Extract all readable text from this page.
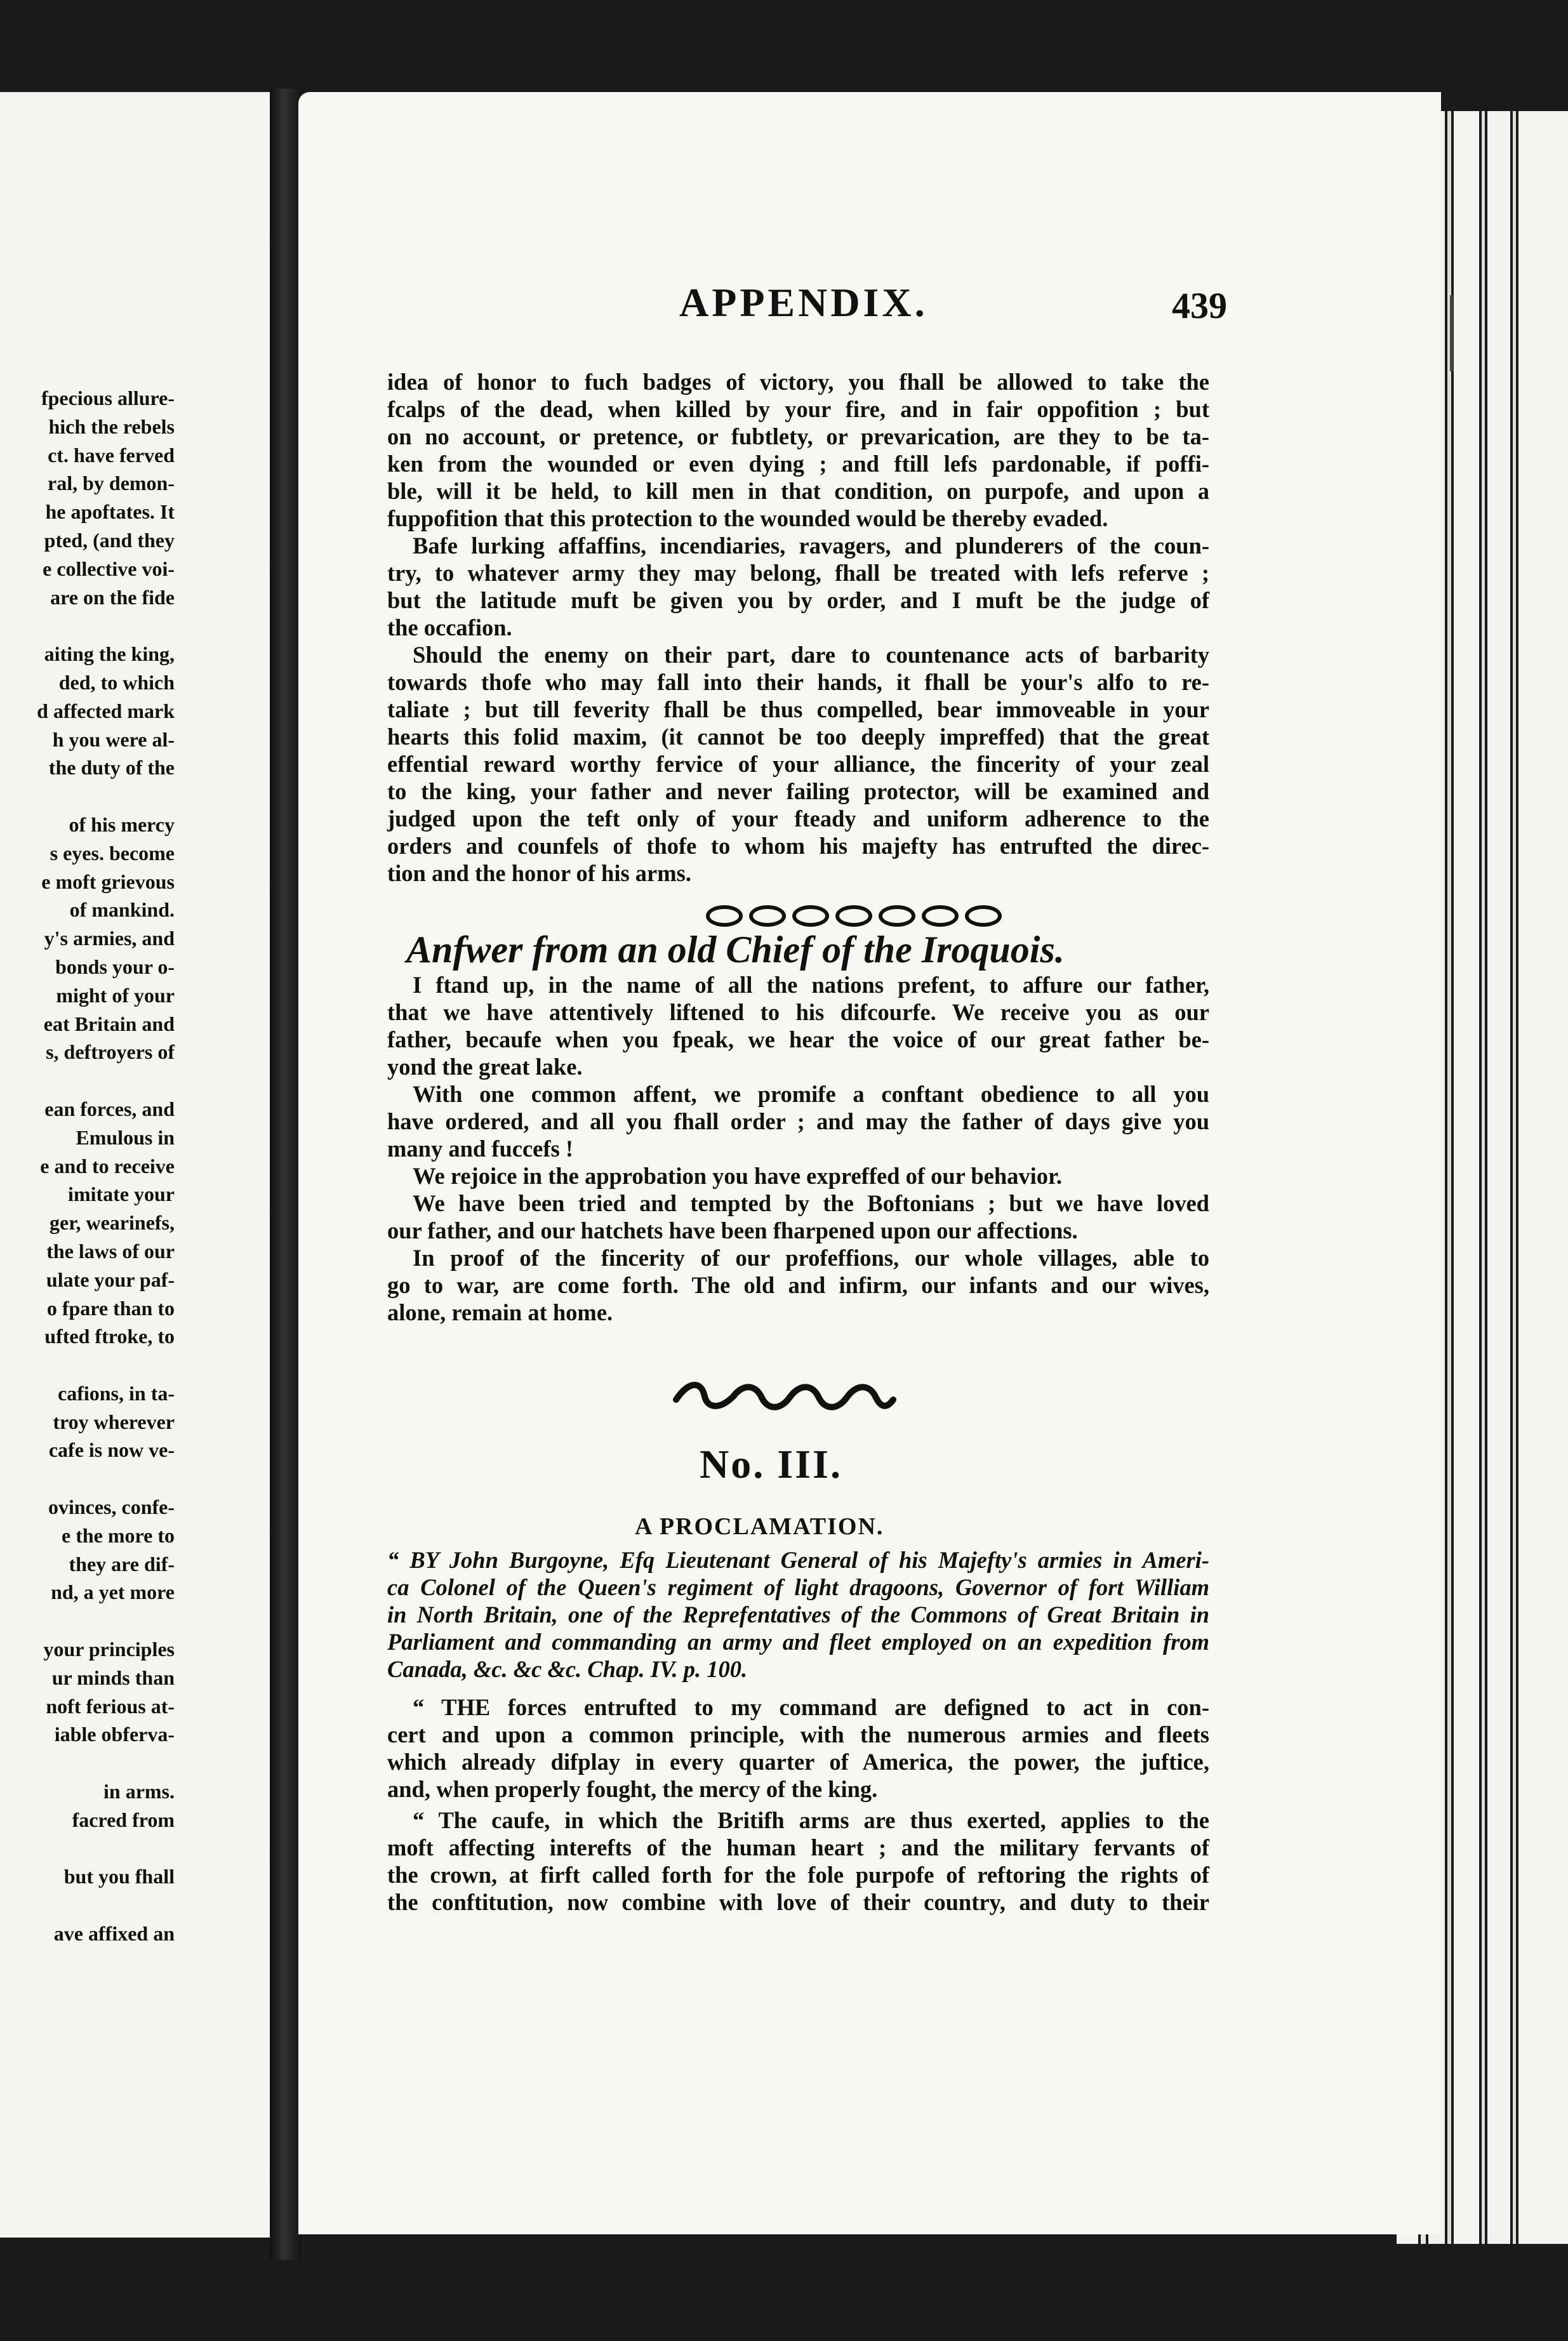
fpecious allure-
hich the rebels
ct. have ferved
ral, by demon-
he apoftates. It
pted, (and they
e collective voi-
are on the fide
aiting the king,
ded, to which
d affected mark
h you were al-
the duty of the
of his mercy
s eyes. become
e moft grievous
of mankind.
y's armies, and
bonds your o-
might of your
eat Britain and
s, deftroyers of
ean forces, and
Emulous in
e and to receive
imitate your
ger, wearinefs,
the laws of our
ulate your paf-
o fpare than to
ufted ftroke, to
cafions, in ta-
troy wherever
cafe is now ve-
ovinces, confe-
e the more to
they are dif-
nd, a yet more
your principles
ur minds than
noft ferious at-
iable obferva-
in arms.
facred from
but you fhall
ave affixed an
APPENDIX.	439
idea of honor to fuch badges of victory, you fhall be allowed to take the
fcalps of the dead, when killed by your fire, and in fair oppofition ; but
on no account, or pretence, or fubtlety, or prevarication, are they to be ta-
ken from the wounded or even dying ; and ftill lefs pardonable, if poffi-
ble, will it be held, to kill men in that condition, on purpofe, and upon a
fuppofition that this protection to the wounded would be thereby evaded.
Bafe lurking affaffins, incendiaries, ravagers, and plunderers of the coun-
try, to whatever army they may belong, fhall be treated with lefs referve ;
but the latitude muft be given you by order, and I muft be the judge of
the occafion.
Should the enemy on their part, dare to countenance acts of barbarity
towards thofe who may fall into their hands, it fhall be your's alfo to re-
taliate ; but till feverity fhall be thus compelled, bear immoveable in your
hearts this folid maxim, (it cannot be too deeply impreffed) that the great
effential reward worthy fervice of your alliance, the fincerity of your zeal
to the king, your father and never failing protector, will be examined and
judged upon the teft only of your fteady and uniform adherence to the
orders and counfels of thofe to whom his majefty has entrufted the direc-
tion and the honor of his arms.
Anfwer from an old Chief of the Iroquois.
I ftand up, in the name of all the nations prefent, to affure our father,
that we have attentively liftened to his difcourfe. We receive you as our
father, becaufe when you fpeak, we hear the voice of our great father be-
yond the great lake.
With one common affent, we promife a conftant obedience to all you
have ordered, and all you fhall order ; and may the father of days give you
many and fuccefs !
We rejoice in the approbation you have expreffed of our behavior.
We have been tried and tempted by the Boftonians ; but we have loved
our father, and our hatchets have been fharpened upon our affections.
In proof of the fincerity of our profeffions, our whole villages, able to
go to war, are come forth. The old and infirm, our infants and our wives,
alone, remain at home.
No. III.
A PROCLAMATION.
“ BY John Burgoyne, Efq Lieutenant General of his Majefty's armies in Ameri-
ca Colonel of the Queen's regiment of light dragoons, Governor of fort William
in North Britain, one of the Reprefentatives of the Commons of Great Britain in
Parliament and commanding an army and fleet employed on an expedition from
Canada, &c. &c &c. Chap. IV. p. 100.
“ THE forces entrufted to my command are defigned to act in con-
cert and upon a common principle, with the numerous armies and fleets
which already difplay in every quarter of America, the power, the juftice,
and, when properly fought, the mercy of the king.
“ The caufe, in which the Britifh arms are thus exerted, applies to the
moft affecting interefts of the human heart ; and the military fervants of
the crown, at firft called forth for the fole purpofe of reftoring the rights of
the conftitution, now combine with love of their country, and duty to their
